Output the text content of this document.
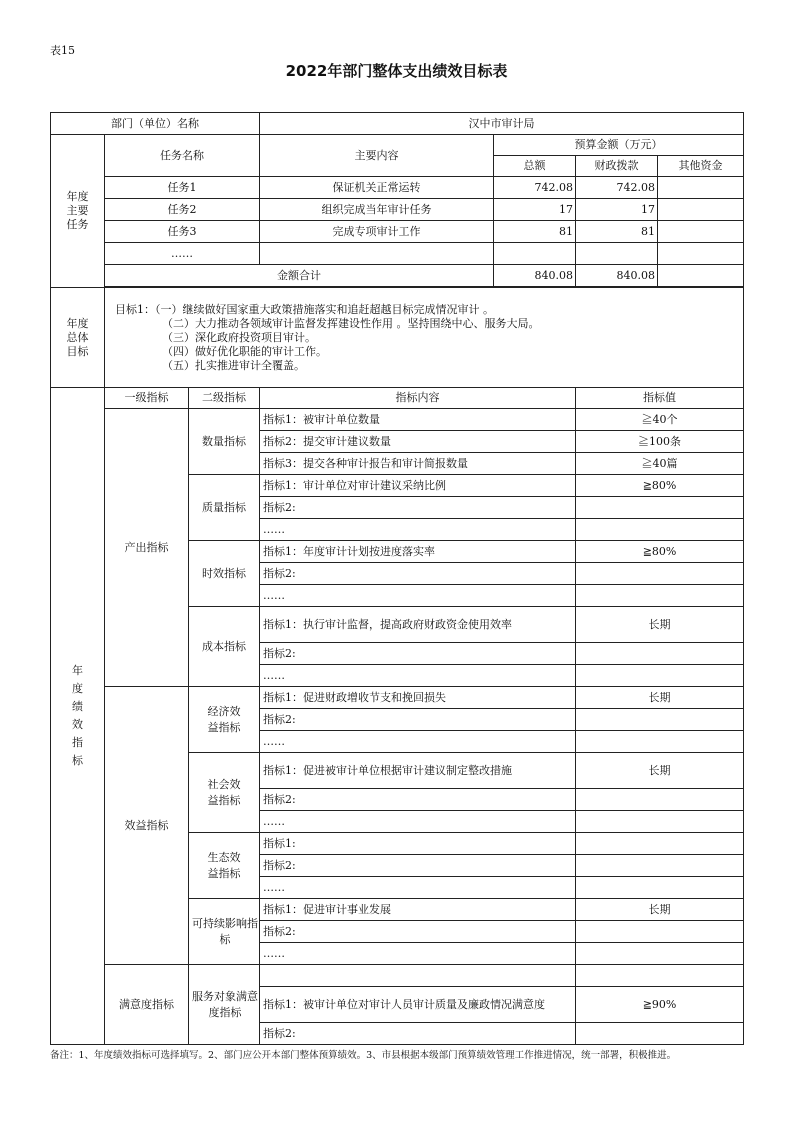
表15
2022年部门整体支出绩效目标表
部门（单位）名称			汉中市审计局			
年度主要任务	任务名称		主要内容	预算金额（万元）		
				总额	财政拨款	其他资金
	任务1		保证机关正常运转	742.08	742.08	
	任务2		组织完成当年审计任务	17	17	
	任务3		完成专项审计工作	81	81	
	……					
	金额合计			840.08	840.08	

年度总体目标	目标1：（一）继续做好国家重大政策措施落实和追赶超越目标完成情况审计 。
（二）大力推动各领域审计监督发挥建设性作用 。坚持围绕中心、服务大局。
（三）深化政府投资项目审计。
（四）做好优化职能的审计工作。
（五）扎实推进审计全覆盖。					

年度绩效指标	一级指标	二级指标	指标内容		指标值	
	产出指标	数量指标	指标1：被审计单位数量		≧40个	
			指标2：提交审计建议数量		≧100条	
			指标3：提交各种审计报告和审计简报数量		≧40篇	
		质量指标	指标1：审计单位对审计建议采纳比例		≧80%	
			指标2:			
			……			
		时效指标	指标1：年度审计计划按进度落实率		≧80%	
			指标2:			
			……			
		成本指标	指标1：执行审计监督，提高政府财政资金使用效率		长期	
			指标2:			
			……			
	效益指标	经济效益指标	指标1：促进财政增收节支和挽回损失		长期	
			指标2:			
			……			
		社会效益指标	指标1：促进被审计单位根据审计建议制定整改措施		长期	
			指标2:			
			……			
		生态效益指标	指标1:			
			指标2:			
			……			
		可持续影响指标	指标1：促进审计事业发展		长期	
			指标2:			
			……			
	满意度指标	服务对象满意度指标				
			指标1：被审计单位对审计人员审计质量及廉政情况满意度		≧90%	
			指标2:			
备注：1、年度绩效指标可选择填写。2、部门应公开本部门整体预算绩效。3、市县根据本级部门预算绩效管理工作推进情况，统一部署，积极推进。
